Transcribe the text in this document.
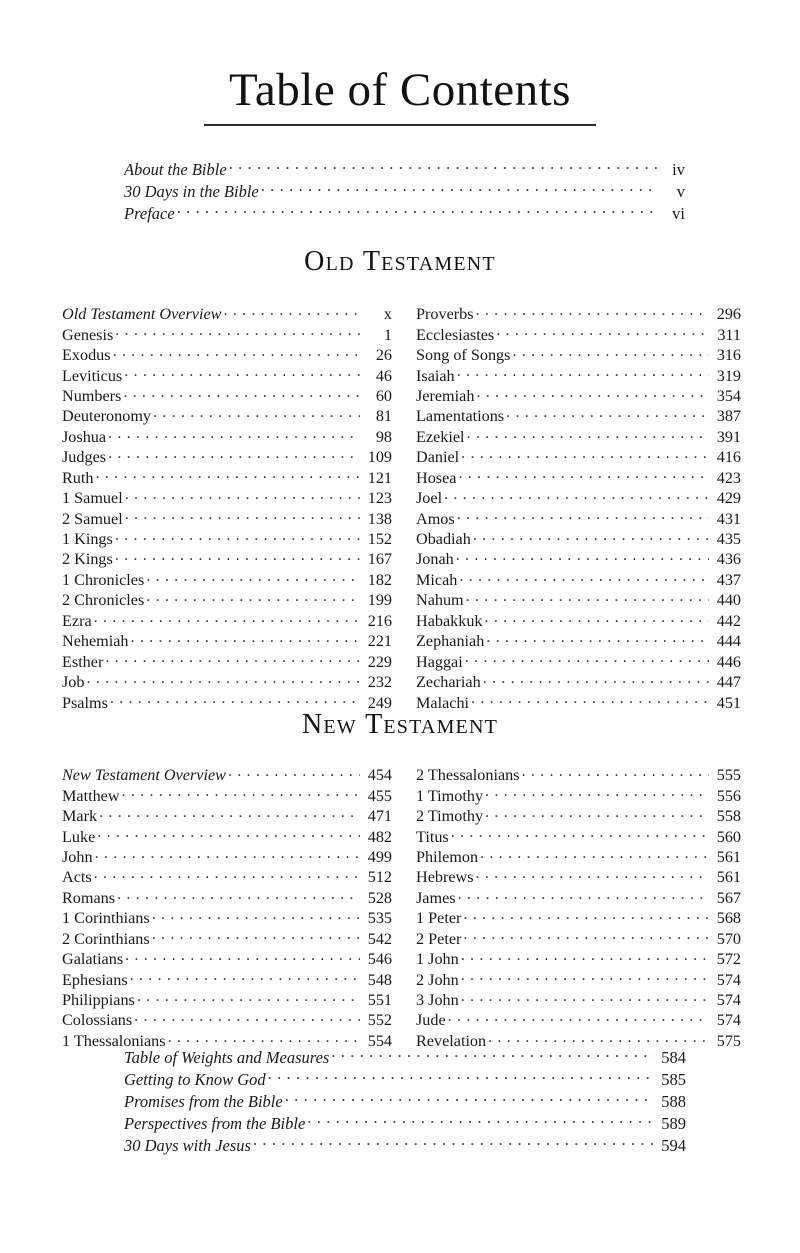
Table of Contents
About the Bible . . .	iv
30 Days in the Bible . . .	v
Preface . . .	vi
Old Testament
Old Testament Overview . . .	x
Genesis . . .	1
Exodus . . .	26
Leviticus . . .	46
Numbers . . .	60
Deuteronomy . . .	81
Joshua . . .	98
Judges . . .	109
Ruth . . .	121
1 Samuel . . .	123
2 Samuel . . .	138
1 Kings . . .	152
2 Kings . . .	167
1 Chronicles . . .	182
2 Chronicles . . .	199
Ezra . . .	216
Nehemiah . . .	221
Esther . . .	229
Job . . .	232
Psalms . . .	249
Proverbs . . .	296
Ecclesiastes . . .	311
Song of Songs . . .	316
Isaiah . . .	319
Jeremiah . . .	354
Lamentations . . .	387
Ezekiel . . .	391
Daniel . . .	416
Hosea . . .	423
Joel . . .	429
Amos . . .	431
Obadiah . . .	435
Jonah . . .	436
Micah . . .	437
Nahum . . .	440
Habakkuk . . .	442
Zephaniah . . .	444
Haggai . . .	446
Zechariah . . .	447
Malachi . . .	451
New Testament
New Testament Overview . . .	454
Matthew . . .	455
Mark . . .	471
Luke . . .	482
John . . .	499
Acts . . .	512
Romans . . .	528
1 Corinthians . . .	535
2 Corinthians . . .	542
Galatians . . .	546
Ephesians . . .	548
Philippians . . .	551
Colossians . . .	552
1 Thessalonians . . .	554
2 Thessalonians . . .	555
1 Timothy . . .	556
2 Timothy . . .	558
Titus . . .	560
Philemon . . .	561
Hebrews . . .	561
James . . .	567
1 Peter . . .	568
2 Peter . . .	570
1 John . . .	572
2 John . . .	574
3 John . . .	574
Jude . . .	574
Revelation . . .	575
Table of Weights and Measures . . .	584
Getting to Know God . . .	585
Promises from the Bible . . .	588
Perspectives from the Bible . . .	589
30 Days with Jesus . . .	594
